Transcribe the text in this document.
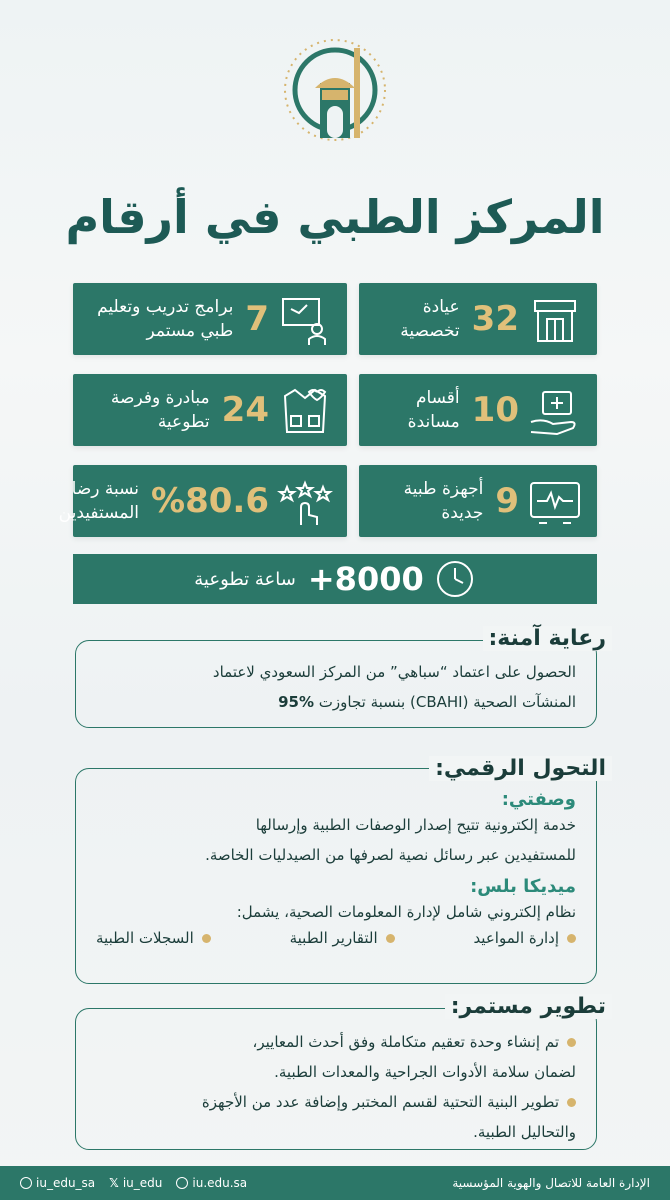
المركز الطبي في أرقام
32
عيادة
تخصصية
7
برامج تدريب وتعليم
طبي مستمر
10
أقسام
مساندة
24
مبادرة وفرصة
تطوعية
9
أجهزة طبية
جديدة
%80.6
نسبة رضا
المستفيدين
+8000
ساعة تطوعية

الحصول على اعتماد “سباهي” من المركز السعودي لاعتماد

المنشآت الصحية (CBAHI) بنسبة تجاوزت 95%

رعاية آمنة:
وصفتي:

خدمة إلكترونية تتيح إصدار الوصفات الطبية وإرسالها

للمستفيدين عبر رسائل نصية لصرفها من الصيدليات الخاصة.

ميديكا بلس:

نظام إلكتروني شامل لإدارة المعلومات الصحية، يشمل:

إدارة المواعيد
التقارير الطبية
السجلات الطبية
التحول الرقمي:

تم إنشاء وحدة تعقيم متكاملة وفق أحدث المعايير،

لضمان سلامة الأدوات الجراحية والمعدات الطبية.

تطوير البنية التحتية لقسم المختبر وإضافة عدد من الأجهزة

والتحاليل الطبية.

تطوير مستمر:
الإدارة العامة للاتصال والهوية المؤسسية
iu_edu_sa 𝕏 iu_edu	iu.edu.sa
